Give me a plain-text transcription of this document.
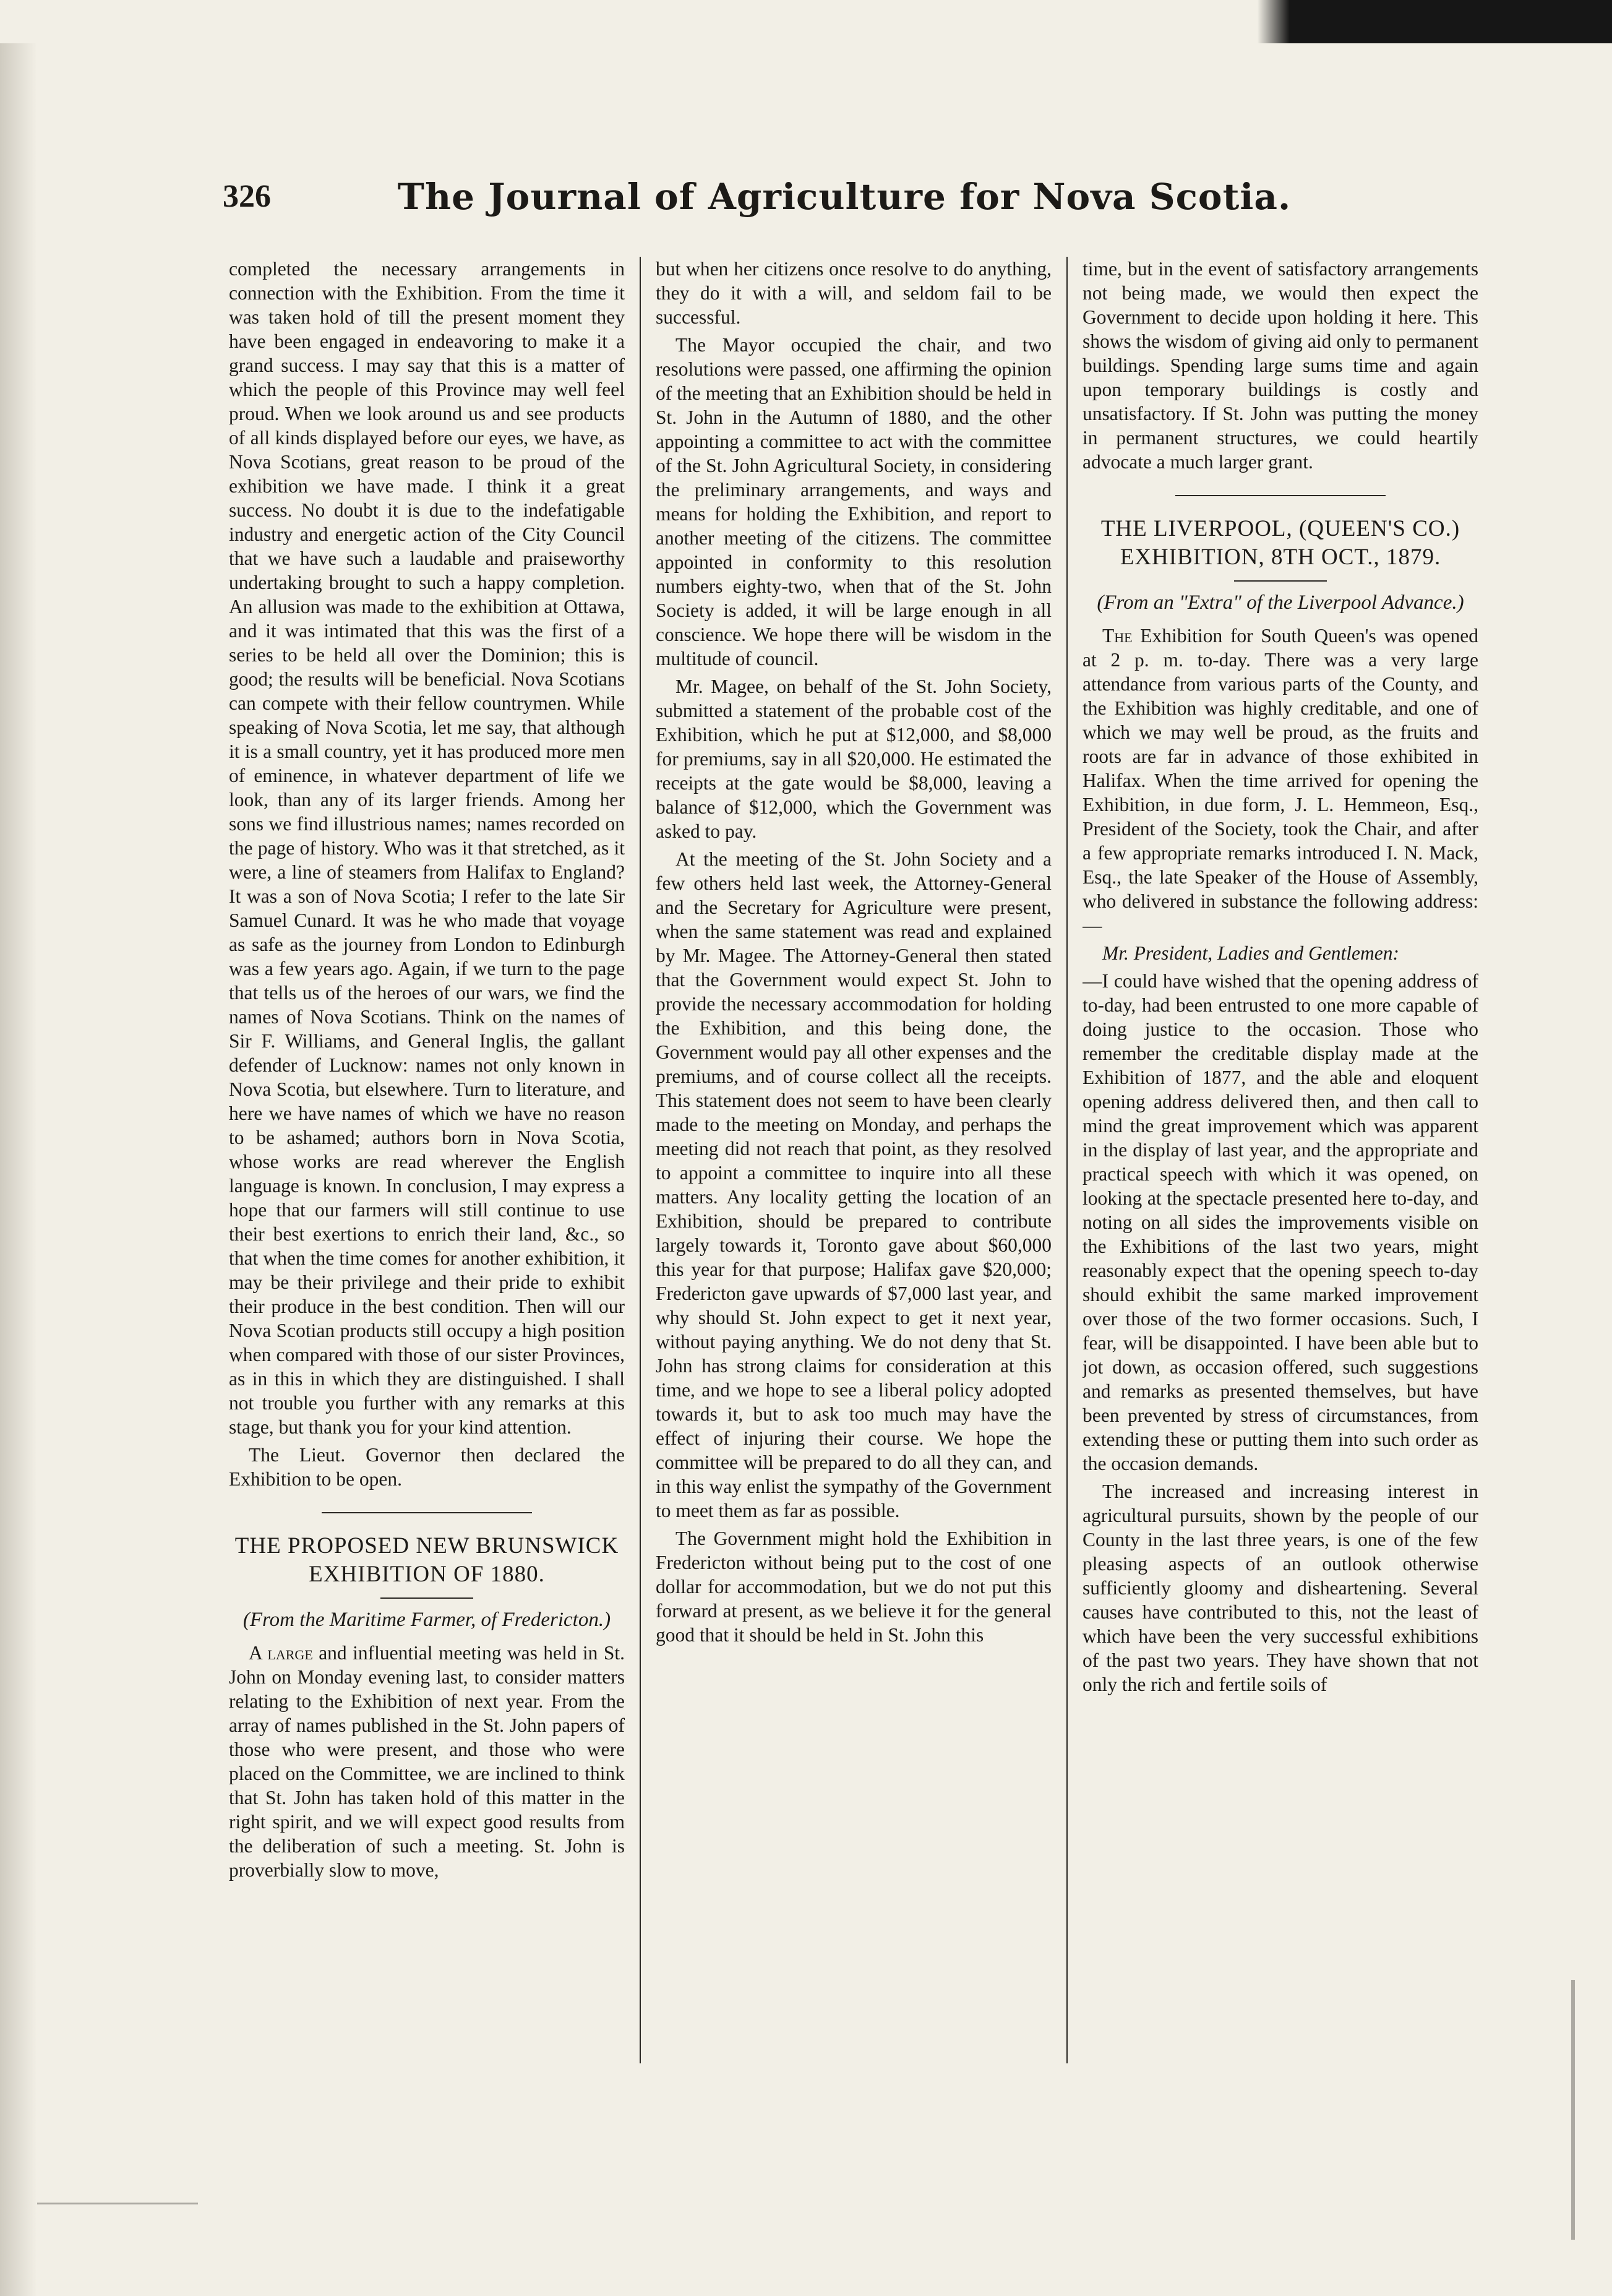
326	The Journal of Agriculture for Nova Scotia.

completed the necessary arrangements in connection with the Exhibition. From the time it was taken hold of till the present moment they have been engaged in endeavoring to make it a grand success. I may say that this is a matter of which the people of this Province may well feel proud. When we look around us and see products of all kinds displayed before our eyes, we have, as Nova Scotians, great reason to be proud of the exhibition we have made. I think it a great success. No doubt it is due to the indefatigable industry and energetic action of the City Council that we have such a laudable and praiseworthy undertaking brought to such a happy completion. An allusion was made to the exhibition at Ottawa, and it was intimated that this was the first of a series to be held all over the Dominion; this is good; the results will be beneficial. Nova Scotians can compete with their fellow countrymen. While speaking of Nova Scotia, let me say, that although it is a small country, yet it has produced more men of eminence, in whatever department of life we look, than any of its larger friends. Among her sons we find illustrious names; names recorded on the page of history. Who was it that stretched, as it were, a line of steamers from Halifax to England? It was a son of Nova Scotia; I refer to the late Sir Samuel Cunard. It was he who made that voyage as safe as the journey from London to Edinburgh was a few years ago. Again, if we turn to the page that tells us of the heroes of our wars, we find the names of Nova Scotians. Think on the names of Sir F. Williams, and General Inglis, the gallant defender of Lucknow: names not only known in Nova Scotia, but elsewhere. Turn to literature, and here we have names of which we have no reason to be ashamed; authors born in Nova Scotia, whose works are read wherever the English language is known. In conclusion, I may express a hope that our farmers will still continue to use their best exertions to enrich their land, &c., so that when the time comes for another exhibition, it may be their privilege and their pride to exhibit their produce in the best condition. Then will our Nova Scotian products still occupy a high position when compared with those of our sister Provinces, as in this in which they are distinguished. I shall not trouble you further with any remarks at this stage, but thank you for your kind attention.

The Lieut. Governor then declared the Exhibition to be open.

THE PROPOSED NEW BRUNSWICK EXHIBITION OF 1880.
(From the Maritime Farmer, of Fredericton.)

A large and influential meeting was held in St. John on Monday evening last, to consider matters relating to the Exhibition of next year. From the array of names published in the St. John papers of those who were present, and those who were placed on the Committee, we are inclined to think that St. John has taken hold of this matter in the right spirit, and we will expect good results from the deliberation of such a meeting. St. John is proverbially slow to move,

but when her citizens once resolve to do anything, they do it with a will, and seldom fail to be successful.

The Mayor occupied the chair, and two resolutions were passed, one affirming the opinion of the meeting that an Exhibition should be held in St. John in the Autumn of 1880, and the other appointing a committee to act with the committee of the St. John Agricultural Society, in considering the preliminary arrangements, and ways and means for holding the Exhibition, and report to another meeting of the citizens. The committee appointed in conformity to this resolution numbers eighty-two, when that of the St. John Society is added, it will be large enough in all conscience. We hope there will be wisdom in the multitude of council.

Mr. Magee, on behalf of the St. John Society, submitted a statement of the probable cost of the Exhibition, which he put at $12,000, and $8,000 for premiums, say in all $20,000. He estimated the receipts at the gate would be $8,000, leaving a balance of $12,000, which the Government was asked to pay.

At the meeting of the St. John Society and a few others held last week, the Attorney-General and the Secretary for Agriculture were present, when the same statement was read and explained by Mr. Magee. The Attorney-General then stated that the Government would expect St. John to provide the necessary accommodation for holding the Exhibition, and this being done, the Government would pay all other expenses and the premiums, and of course collect all the receipts. This statement does not seem to have been clearly made to the meeting on Monday, and perhaps the meeting did not reach that point, as they resolved to appoint a committee to inquire into all these matters. Any locality getting the location of an Exhibition, should be prepared to contribute largely towards it, Toronto gave about $60,000 this year for that purpose; Halifax gave $20,000; Fredericton gave upwards of $7,000 last year, and why should St. John expect to get it next year, without paying anything. We do not deny that St. John has strong claims for consideration at this time, and we hope to see a liberal policy adopted towards it, but to ask too much may have the effect of injuring their course. We hope the committee will be prepared to do all they can, and in this way enlist the sympathy of the Government to meet them as far as possible.

The Government might hold the Exhibition in Fredericton without being put to the cost of one dollar for accommodation, but we do not put this forward at present, as we believe it for the general good that it should be held in St. John this

time, but in the event of satisfactory arrangements not being made, we would then expect the Government to decide upon holding it here. This shows the wisdom of giving aid only to permanent buildings. Spending large sums time and again upon temporary buildings is costly and unsatisfactory. If St. John was putting the money in permanent structures, we could heartily advocate a much larger grant.

THE LIVERPOOL, (QUEEN'S CO.) EXHIBITION, 8TH OCT., 1879.
(From an "Extra" of the Liverpool Advance.)

The Exhibition for South Queen's was opened at 2 p. m. to-day. There was a very large attendance from various parts of the County, and the Exhibition was highly creditable, and one of which we may well be proud, as the fruits and roots are far in advance of those exhibited in Halifax. When the time arrived for opening the Exhibition, in due form, J. L. Hemmeon, Esq., President of the Society, took the Chair, and after a few appropriate remarks introduced I. N. Mack, Esq., the late Speaker of the House of Assembly, who delivered in substance the following address:—

Mr. President, Ladies and Gentlemen:

—I could have wished that the opening address of to-day, had been entrusted to one more capable of doing justice to the occasion. Those who remember the creditable display made at the Exhibition of 1877, and the able and eloquent opening address delivered then, and then call to mind the great improvement which was apparent in the display of last year, and the appropriate and practical speech with which it was opened, on looking at the spectacle presented here to-day, and noting on all sides the improvements visible on the Exhibitions of the last two years, might reasonably expect that the opening speech to-day should exhibit the same marked improvement over those of the two former occasions. Such, I fear, will be disappointed. I have been able but to jot down, as occasion offered, such suggestions and remarks as presented themselves, but have been prevented by stress of circumstances, from extending these or putting them into such order as the occasion demands.

The increased and increasing interest in agricultural pursuits, shown by the people of our County in the last three years, is one of the few pleasing aspects of an outlook otherwise sufficiently gloomy and disheartening. Several causes have contributed to this, not the least of which have been the very successful exhibitions of the past two years. They have shown that not only the rich and fertile soils of
